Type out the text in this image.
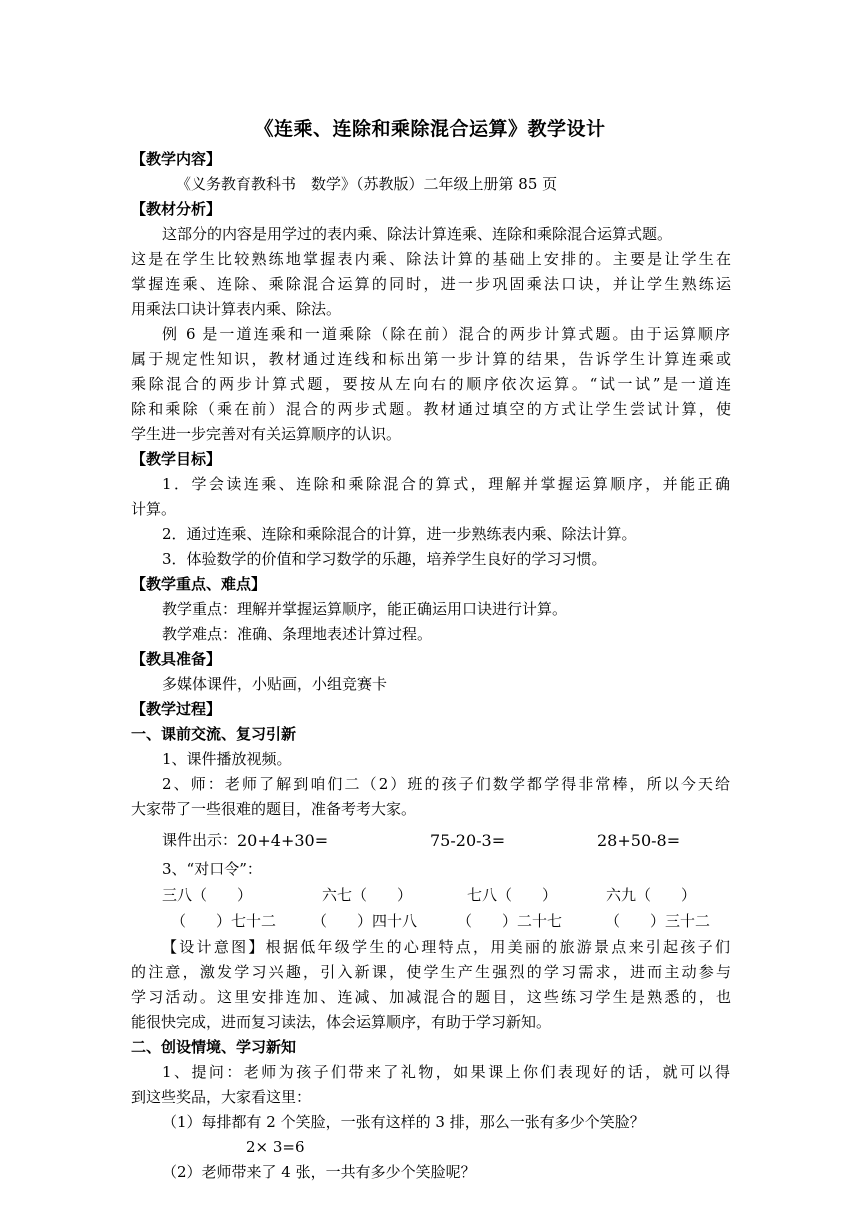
《连乘、连除和乘除混合运算》教学设计
【教学内容】
《义务教育教科书　数学》（苏教版）二年级上册第 85 页
【教材分析】
这部分的内容是用学过的表内乘、除法计算连乘、连除和乘除混合运算式题。
这是在学生比较熟练地掌握表内乘、除法计算的基础上安排的。主要是让学生在
掌握连乘、连除、乘除混合运算的同时，进一步巩固乘法口诀，并让学生熟练运
用乘法口诀计算表内乘、除法。
例 6 是一道连乘和一道乘除（除在前）混合的两步计算式题。由于运算顺序
属于规定性知识，教材通过连线和标出第一步计算的结果，告诉学生计算连乘或
乘除混合的两步计算式题，要按从左向右的顺序依次运算。“试一试”是一道连
除和乘除（乘在前）混合的两步式题。教材通过填空的方式让学生尝试计算，使
学生进一步完善对有关运算顺序的认识。
【教学目标】
1．学会读连乘、连除和乘除混合的算式，理解并掌握运算顺序，并能正确
计算。
2．通过连乘、连除和乘除混合的计算，进一步熟练表内乘、除法计算。
3．体验数学的价值和学习数学的乐趣，培养学生良好的学习习惯。
【教学重点、难点】
教学重点：理解并掌握运算顺序，能正确运用口诀进行计算。
教学难点：准确、条理地表述计算过程。
【教具准备】
多媒体课件，小贴画，小组竞赛卡
【教学过程】
一、课前交流、复习引新
1、课件播放视频。
2、师：老师了解到咱们二（2）班的孩子们数学都学得非常棒，所以今天给
大家带了一些很难的题目，准备考考大家。
课件出示： 20+4+30=	75-20-3=	28+50-8=
3、“对口令”：
三八（　　）	六七（　　）	七八（　　）	六九（　　）
（　　）七十二 （　　）四十八	（　　）二十七	（　　）三十二
【设计意图】根据低年级学生的心理特点，用美丽的旅游景点来引起孩子们
的注意，激发学习兴趣，引入新课，使学生产生强烈的学习需求，进而主动参与
学习活动。这里安排连加、连减、加减混合的题目，这些练习学生是熟悉的，也
能很快完成，进而复习读法，体会运算顺序，有助于学习新知。
二、创设情境、学习新知
1、提问：老师为孩子们带来了礼物，如果课上你们表现好的话，就可以得
到这些奖品，大家看这里：
（1）每排都有 2 个笑脸，一张有这样的 3 排，那么一张有多少个笑脸？
2× 3=6
（2）老师带来了 4 张，一共有多少个笑脸呢？
